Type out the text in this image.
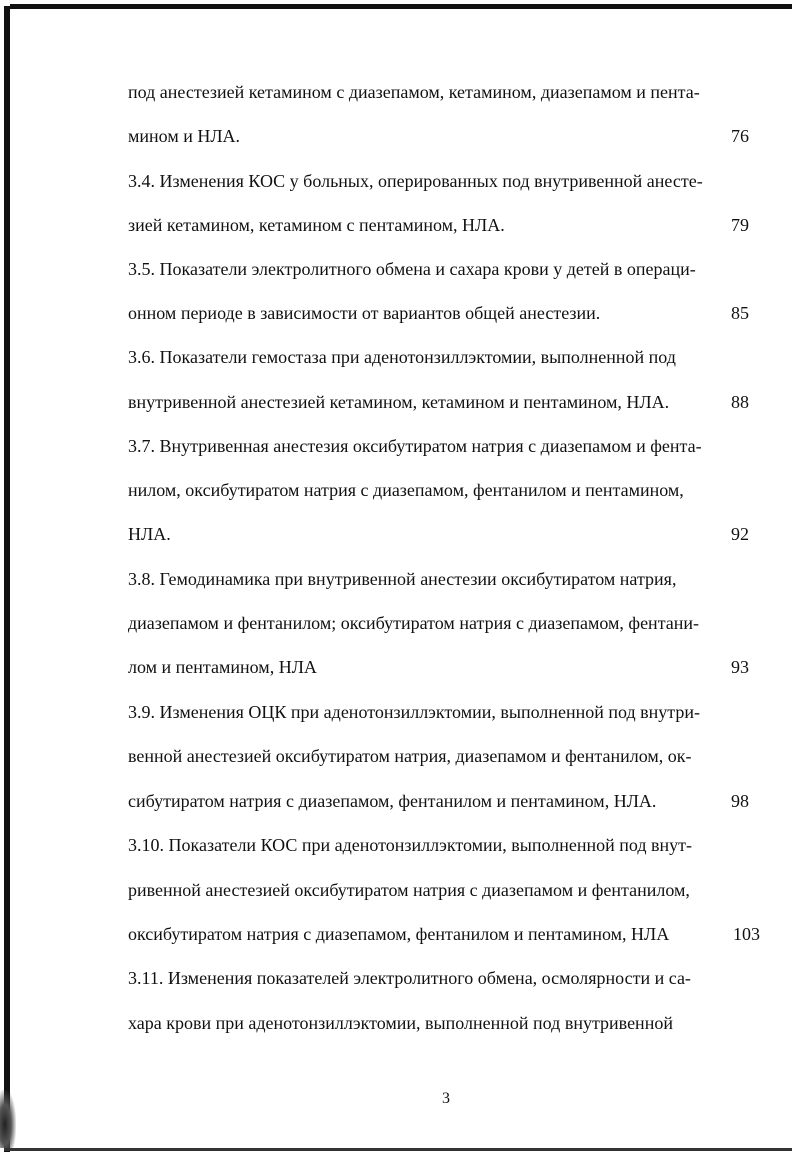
под анестезией кетамином с диазепамом, кетамином, диазепамом и пента-
мином и НЛА.	76
3.4. Изменения КОС у больных, оперированных под внутривенной анесте-
зией кетамином, кетамином с пентамином, НЛА.	79
3.5. Показатели электролитного обмена и сахара крови у детей в операци-
онном периоде в зависимости от вариантов общей анестезии.	85
3.6. Показатели гемостаза при аденотонзиллэктомии, выполненной под
внутривенной анестезией кетамином, кетамином и пентамином, НЛА.	88
3.7. Внутривенная анестезия оксибутиратом натрия с диазепамом и фента-
нилом, оксибутиратом натрия с диазепамом, фентанилом и пентамином,
НЛА.	92
3.8. Гемодинамика при внутривенной анестезии оксибутиратом натрия,
диазепамом и фентанилом; оксибутиратом натрия с диазепамом, фентани-
лом и пентамином, НЛА	93
3.9. Изменения ОЦК при аденотонзиллэктомии, выполненной под внутри-
венной анестезией оксибутиратом натрия, диазепамом и фентанилом, ок-
сибутиратом натрия с диазепамом, фентанилом и пентамином, НЛА.	98
3.10. Показатели КОС при аденотонзиллэктомии, выполненной под внут-
ривенной анестезией оксибутиратом натрия с диазепамом и фентанилом,
оксибутиратом натрия с диазепамом, фентанилом и пентамином, НЛА	103
3.11. Изменения показателей электролитного обмена, осмолярности и са-
хара крови при аденотонзиллэктомии, выполненной под внутривенной
3
